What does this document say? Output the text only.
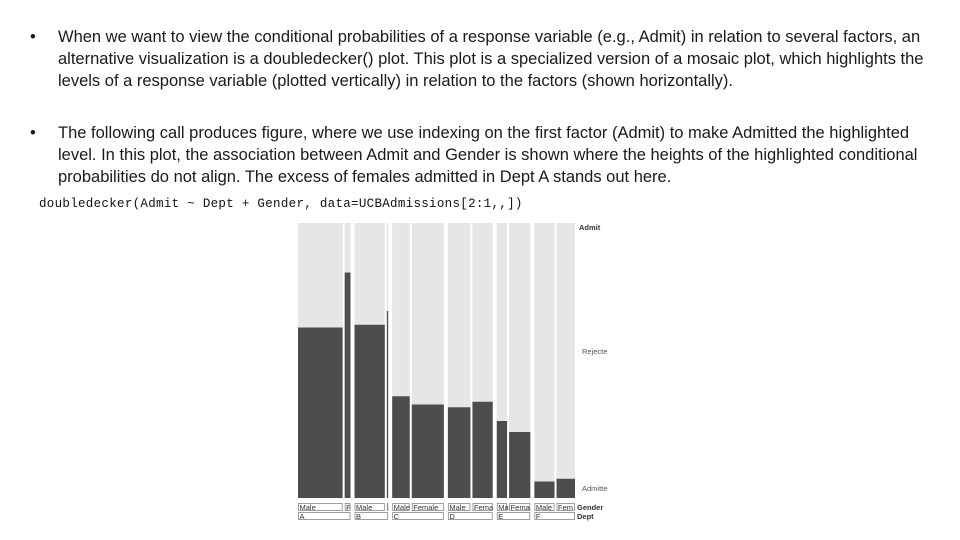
• When we want to view the conditional probabilities of a response variable (e.g., Admit) in relation to several factors, an alternative visualization is a doubledecker() plot. This plot is a specialized version of a mosaic plot, which highlights the levels of a response variable (plotted vertically) in relation to the factors (shown horizontally).
• The following call produces figure, where we use indexing on the first factor (Admit) to make Admitted the highlighted level. In this plot, the association between Admit and Gender is shown where the heights of the highlighted conditional probabilities do not align. The excess of females admitted in Dept A stands out here.
doubledecker(Admit ~ Dept + Gender, data=UCBAdmissions[2:1,,])
Male	F Male	Male Female Male Fema Ma Fema Male Fem
A	B	C	D	E	F
Admit
Rejecte
Admitte
Gender
Dept
